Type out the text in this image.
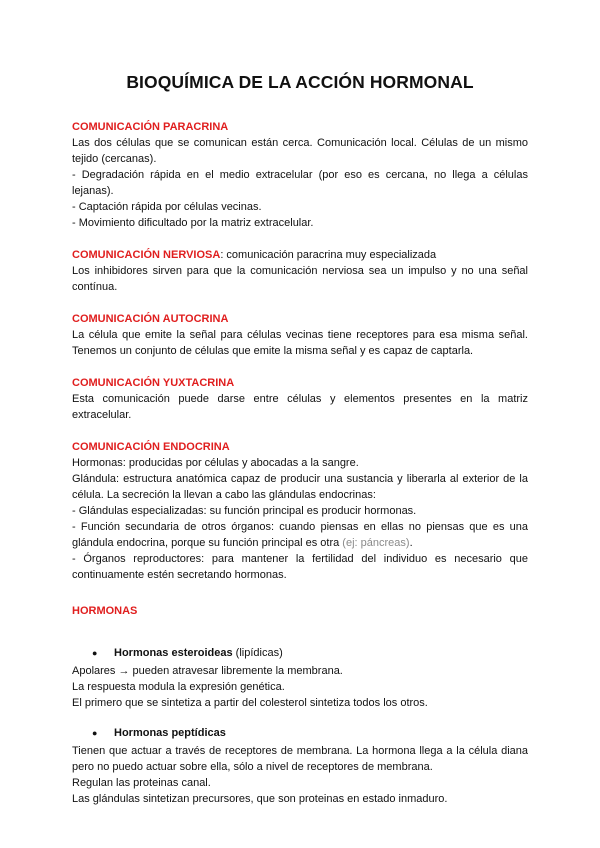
BIOQUÍMICA DE LA ACCIÓN HORMONAL
COMUNICACIÓN PARACRINA

Las dos células que se comunican están cerca. Comunicación local. Células de un mismo tejido (cercanas).

- Degradación rápida en el medio extracelular (por eso es cercana, no llega a células lejanas).

- Captación rápida por células vecinas.

- Movimiento dificultado por la matriz extracelular.

COMUNICACIÓN NERVIOSA: comunicación paracrina muy especializada

Los inhibidores sirven para que la comunicación nerviosa sea un impulso y no una señal contínua.

COMUNICACIÓN AUTOCRINA

La célula que emite la señal para células vecinas tiene receptores para esa misma señal. Tenemos un conjunto de células que emite la misma señal y es capaz de captarla.

COMUNICACIÓN YUXTACRINA

Esta comunicación puede darse entre células y elementos presentes en la matriz extracelular.

COMUNICACIÓN ENDOCRINA

Hormonas: producidas por células y abocadas a la sangre.

Glándula: estructura anatómica capaz de producir una sustancia y liberarla al exterior de la célula. La secreción la llevan a cabo las glándulas endocrinas:

- Glándulas especializadas: su función principal es producir hormonas.

- Función secundaria de otros órganos: cuando piensas en ellas no piensas que es una glándula endocrina, porque su función principal es otra (ej: páncreas).

- Órganos reproductores: para mantener la fertilidad del individuo es necesario que continuamente estén secretando hormonas.

HORMONAS

● Hormonas esteroideas (lipídicas)

Apolares → pueden atravesar libremente la membrana.

La respuesta modula la expresión genética.

El primero que se sintetiza a partir del colesterol sintetiza todos los otros.

● Hormonas peptídicas

Tienen que actuar a través de receptores de membrana. La hormona llega a la célula diana pero no puedo actuar sobre ella, sólo a nivel de receptores de membrana.

Regulan las proteinas canal.

Las glándulas sintetizan precursores, que son proteinas en estado inmaduro.
